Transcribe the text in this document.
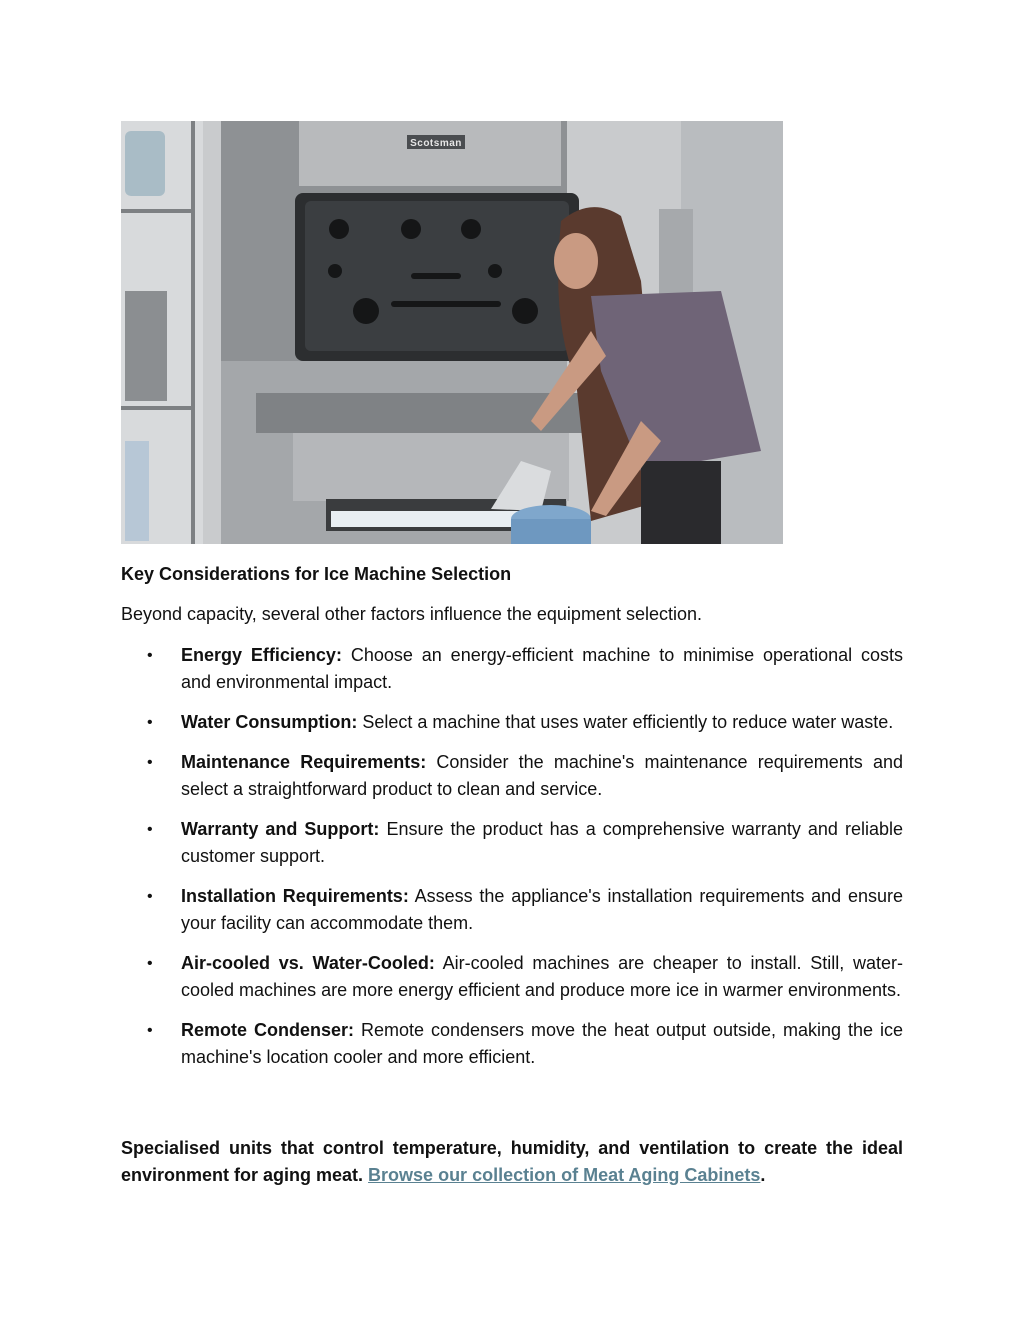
Scotsman

Key Considerations for Ice Machine Selection

Beyond capacity, several other factors influence the equipment selection.

• Energy Efficiency: Choose an energy-efficient machine to minimise operational costs and environmental impact.
• Water Consumption: Select a machine that uses water efficiently to reduce water waste.
• Maintenance Requirements: Consider the machine's maintenance requirements and select a straightforward product to clean and service.
• Warranty and Support: Ensure the product has a comprehensive warranty and reliable customer support.
• Installation Requirements: Assess the appliance's installation requirements and ensure your facility can accommodate them.
• Air-cooled vs. Water-Cooled: Air-cooled machines are cheaper to install. Still, water-cooled machines are more energy efficient and produce more ice in warmer environments.
• Remote Condenser: Remote condensers move the heat output outside, making the ice machine's location cooler and more efficient.

Specialised units that control temperature, humidity, and ventilation to create the ideal environment for aging meat. Browse our collection of Meat Aging Cabinets.
